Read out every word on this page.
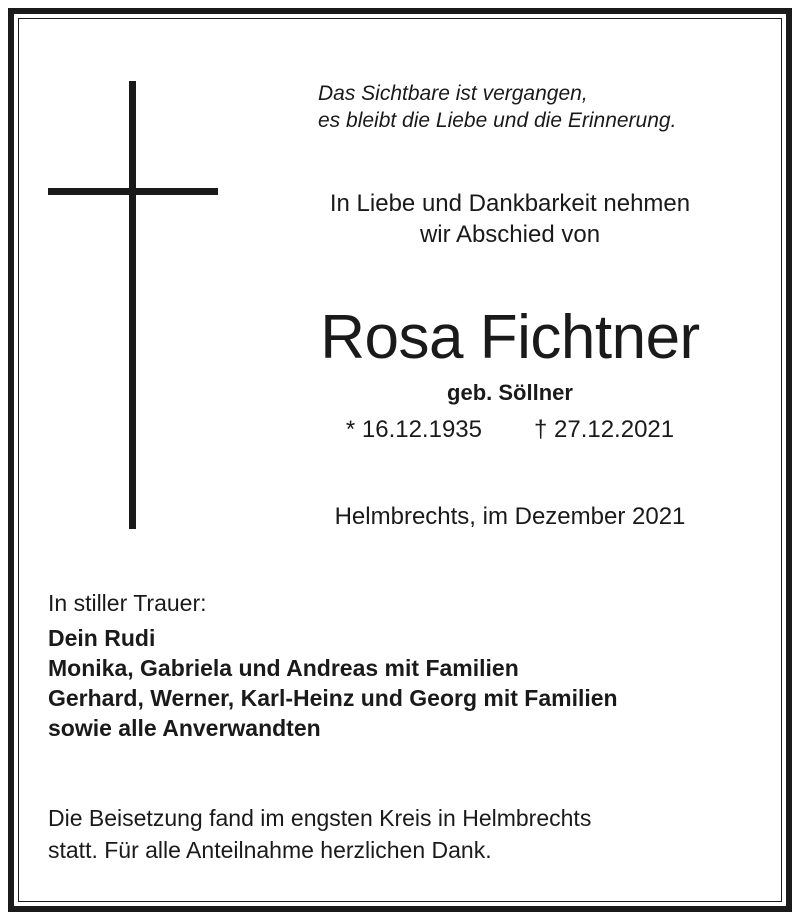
Das Sichtbare ist vergangen,
es bleibt die Liebe und die Erinnerung.
In Liebe und Dankbarkeit nehmen
wir Abschied von
Rosa Fichtner
geb. Söllner
* 16.12.1935 † 27.12.2021
Helmbrechts, im Dezember 2021
In stiller Trauer:
Dein Rudi
Monika, Gabriela und Andreas mit Familien
Gerhard, Werner, Karl-Heinz und Georg mit Familien
sowie alle Anverwandten
Die Beisetzung fand im engsten Kreis in Helmbrechts
statt. Für alle Anteilnahme herzlichen Dank.
